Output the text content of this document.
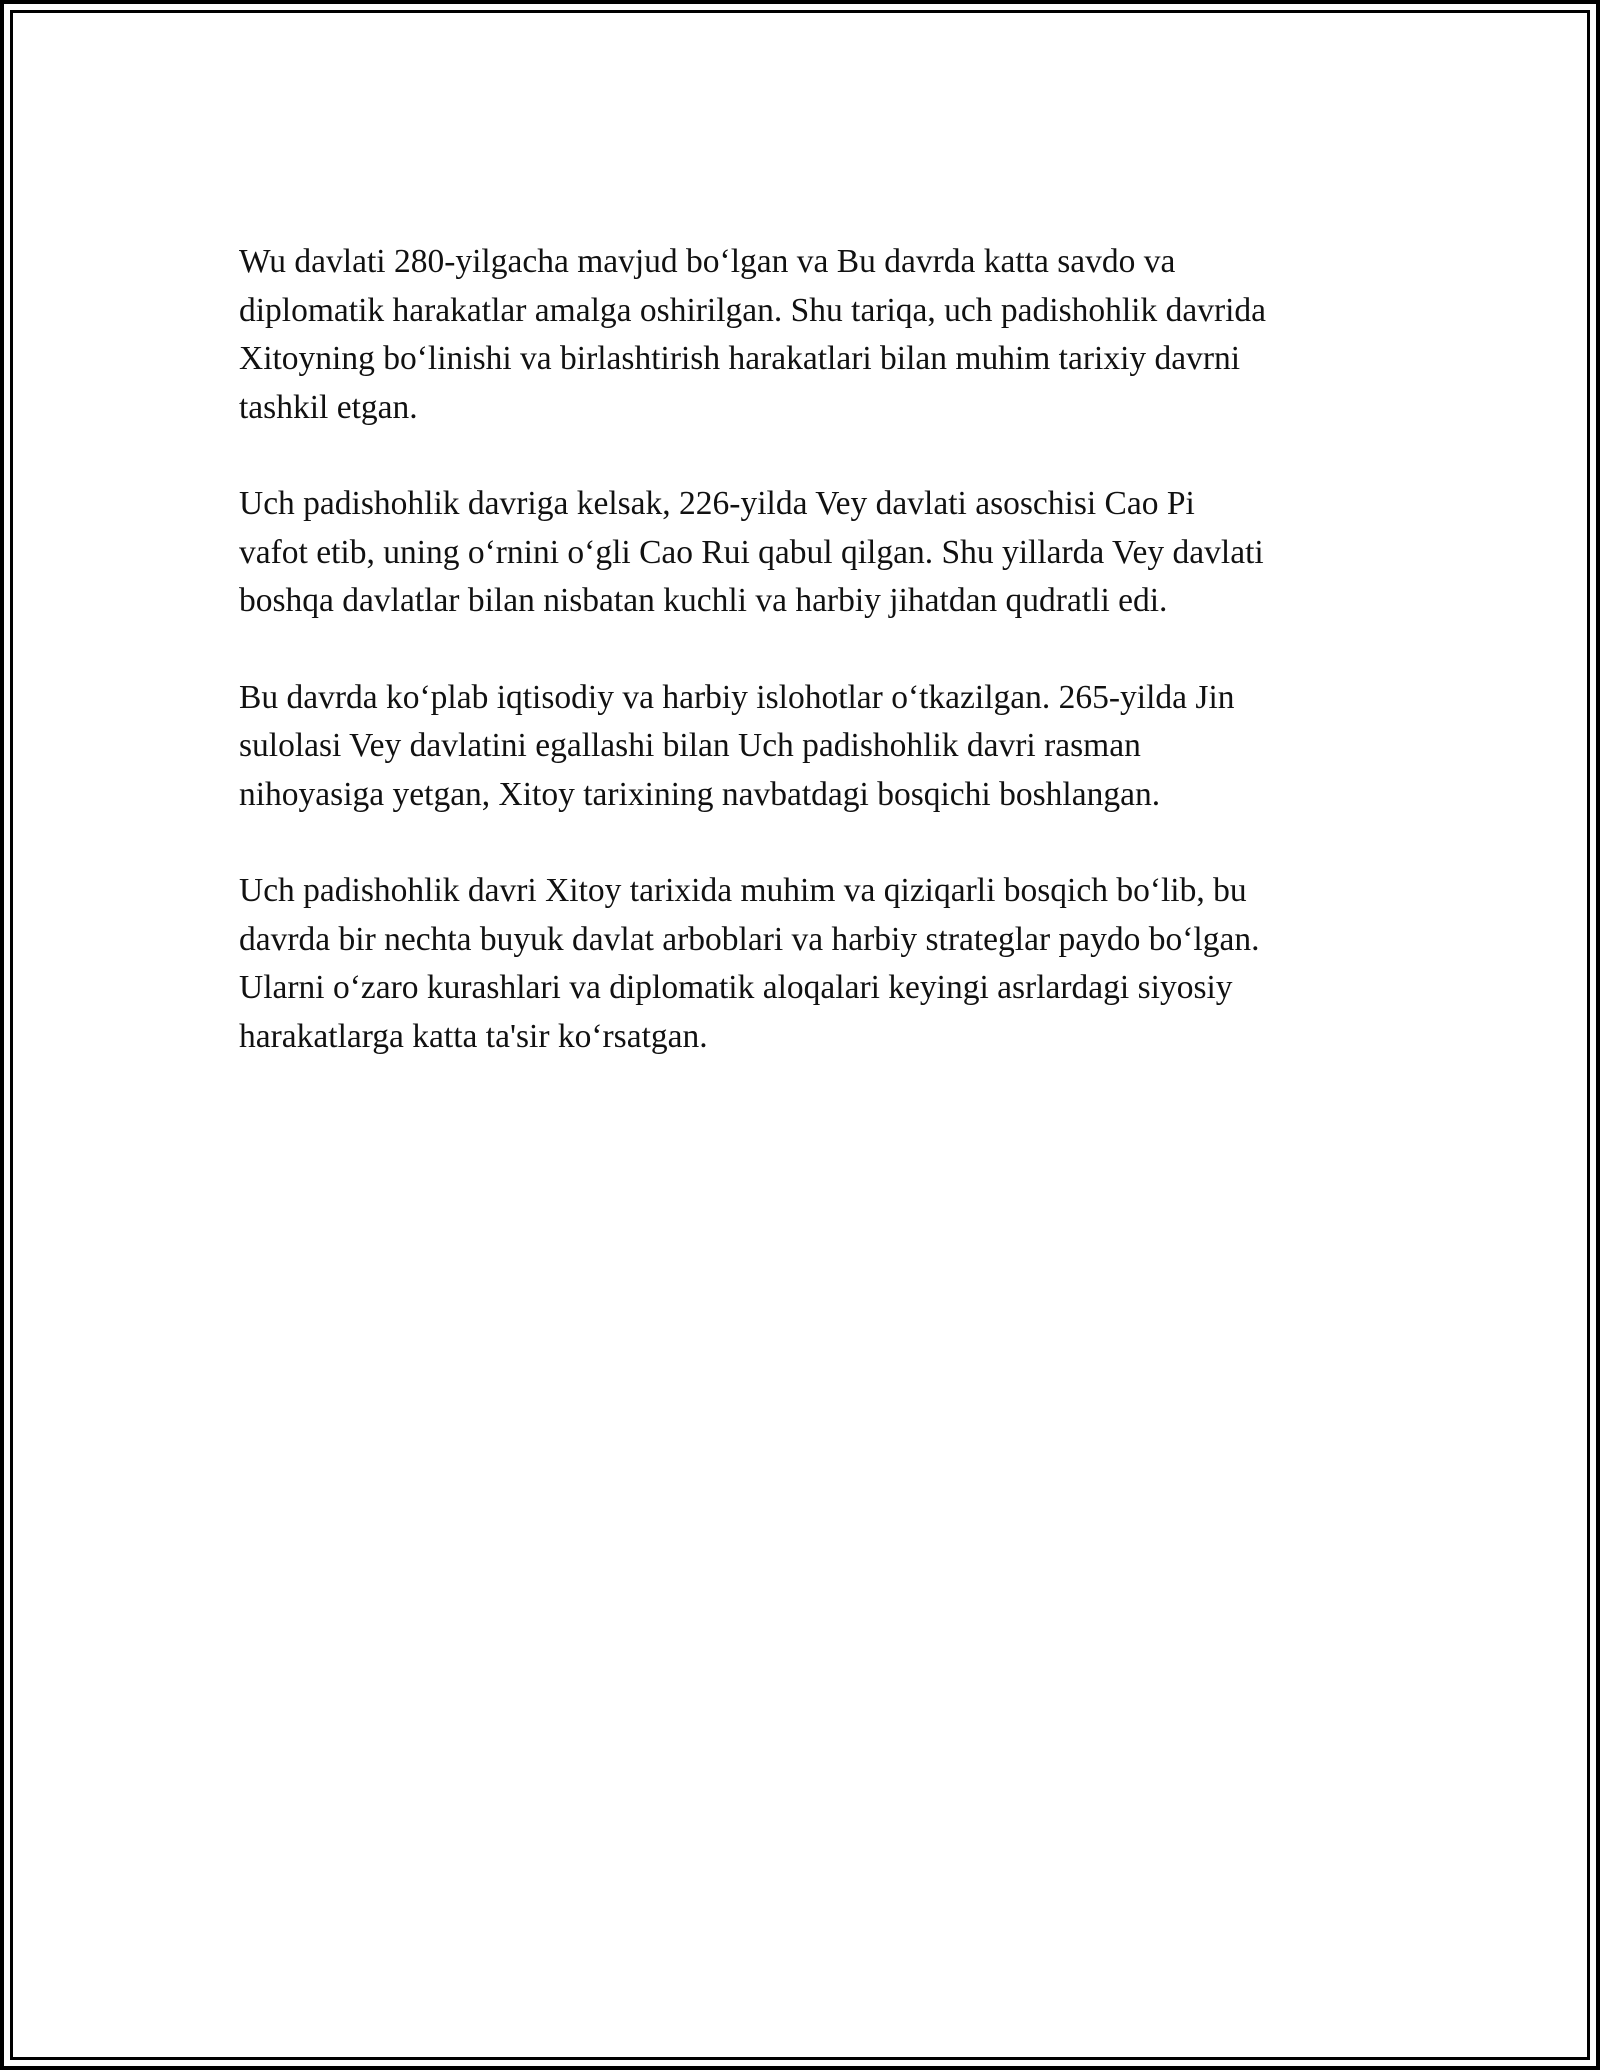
Wu davlati 280-yilgacha mavjud bo‘lgan va Bu davrda katta savdo va
diplomatik harakatlar amalga oshirilgan. Shu tariqa, uch padishohlik davrida
Xitoyning bo‘linishi va birlashtirish harakatlari bilan muhim tarixiy davrni
tashkil etgan.

Uch padishohlik davriga kelsak, 226-yilda Vey davlati asoschisi Cao Pi
vafot etib, uning o‘rnini o‘gli Cao Rui qabul qilgan. Shu yillarda Vey davlati
boshqa davlatlar bilan nisbatan kuchli va harbiy jihatdan qudratli edi.

Bu davrda ko‘plab iqtisodiy va harbiy islohotlar o‘tkazilgan. 265-yilda Jin
sulolasi Vey davlatini egallashi bilan Uch padishohlik davri rasman
nihoyasiga yetgan, Xitoy tarixining navbatdagi bosqichi boshlangan.

Uch padishohlik davri Xitoy tarixida muhim va qiziqarli bosqich bo‘lib, bu
davrda bir nechta buyuk davlat arboblari va harbiy strateglar paydo bo‘lgan.
Ularni o‘zaro kurashlari va diplomatik aloqalari keyingi asrlardagi siyosiy
harakatlarga katta ta'sir ko‘rsatgan.
